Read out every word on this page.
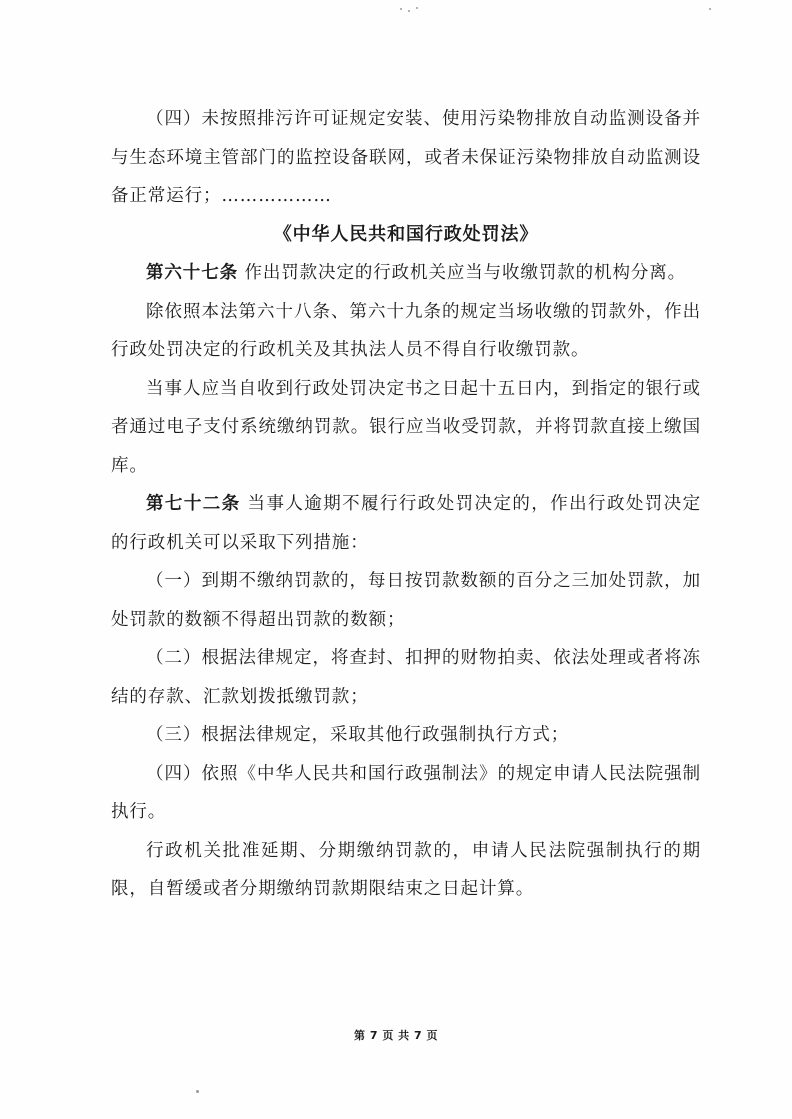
（四）未按照排污许可证规定安装、使用污染物排放自动监测设备并与生态环境主管部门的监控设备联网，或者未保证污染物排放自动监测设备正常运行；………………

《中华人民共和国行政处罚法》

第六十七条 作出罚款决定的行政机关应当与收缴罚款的机构分离。

除依照本法第六十八条、第六十九条的规定当场收缴的罚款外，作出行政处罚决定的行政机关及其执法人员不得自行收缴罚款。

当事人应当自收到行政处罚决定书之日起十五日内，到指定的银行或者通过电子支付系统缴纳罚款。银行应当收受罚款，并将罚款直接上缴国库。

第七十二条 当事人逾期不履行行政处罚决定的，作出行政处罚决定的行政机关可以采取下列措施：

（一）到期不缴纳罚款的，每日按罚款数额的百分之三加处罚款，加处罚款的数额不得超出罚款的数额；

（二）根据法律规定，将查封、扣押的财物拍卖、依法处理或者将冻结的存款、汇款划拨抵缴罚款；

（三）根据法律规定，采取其他行政强制执行方式；

（四）依照《中华人民共和国行政强制法》的规定申请人民法院强制执行。

行政机关批准延期、分期缴纳罚款的，申请人民法院强制执行的期限，自暂缓或者分期缴纳罚款期限结束之日起计算。

第 7 页 共 7 页
